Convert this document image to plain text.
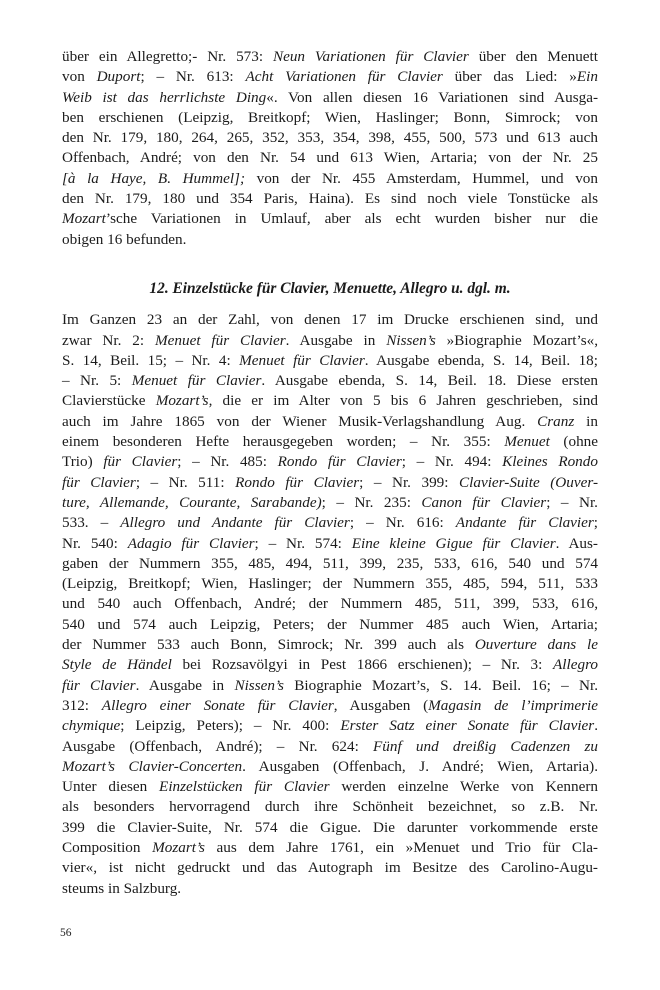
über ein Allegretto;- Nr. 573: Neun Variationen für Clavier über den Menuett
von Duport; – Nr. 613: Acht Variationen für Clavier über das Lied: »Ein
Weib ist das herrlichste Ding«. Von allen diesen 16 Variationen sind Ausga-
ben erschienen (Leipzig, Breitkopf; Wien, Haslinger; Bonn, Simrock; von
den Nr. 179, 180, 264, 265, 352, 353, 354, 398, 455, 500, 573 und 613 auch
Offenbach, André; von den Nr. 54 und 613 Wien, Artaria; von der Nr. 25
[à la Haye, B. Hummel]; von der Nr. 455 Amsterdam, Hummel, und von
den Nr. 179, 180 und 354 Paris, Haina). Es sind noch viele Tonstücke als
Mozart’sche Variationen in Umlauf, aber als echt wurden bisher nur die
obigen 16 befunden.
12. Einzelstücke für Clavier, Menuette, Allegro u. dgl. m.
Im Ganzen 23 an der Zahl, von denen 17 im Drucke erschienen sind, und
zwar Nr. 2: Menuet für Clavier. Ausgabe in Nissen’s »Biographie Mozart’s«,
S. 14, Beil. 15; – Nr. 4: Menuet für Clavier. Ausgabe ebenda, S. 14, Beil. 18;
– Nr. 5: Menuet für Clavier. Ausgabe ebenda, S. 14, Beil. 18. Diese ersten
Clavierstücke Mozart’s, die er im Alter von 5 bis 6 Jahren geschrieben, sind
auch im Jahre 1865 von der Wiener Musik-Verlagshandlung Aug. Cranz in
einem besonderen Hefte herausgegeben worden; – Nr. 355: Menuet (ohne
Trio) für Clavier; – Nr. 485: Rondo für Clavier; – Nr. 494: Kleines Rondo
für Clavier; – Nr. 511: Rondo für Clavier; – Nr. 399: Clavier-Suite (Ouver-
ture, Allemande, Courante, Sarabande); – Nr. 235: Canon für Clavier; – Nr.
533. – Allegro und Andante für Clavier; – Nr. 616: Andante für Clavier;
Nr. 540: Adagio für Clavier; – Nr. 574: Eine kleine Gigue für Clavier. Aus-
gaben der Nummern 355, 485, 494, 511, 399, 235, 533, 616, 540 und 574
(Leipzig, Breitkopf; Wien, Haslinger; der Nummern 355, 485, 594, 511, 533
und 540 auch Offenbach, André; der Nummern 485, 511, 399, 533, 616,
540 und 574 auch Leipzig, Peters; der Nummer 485 auch Wien, Artaria;
der Nummer 533 auch Bonn, Simrock; Nr. 399 auch als Ouverture dans le
Style de Händel bei Rozsavölgyi in Pest 1866 erschienen); – Nr. 3: Allegro
für Clavier. Ausgabe in Nissen’s Biographie Mozart’s, S. 14. Beil. 16; – Nr.
312: Allegro einer Sonate für Clavier, Ausgaben (Magasin de l’imprimerie
chymique; Leipzig, Peters); – Nr. 400: Erster Satz einer Sonate für Clavier.
Ausgabe (Offenbach, André); – Nr. 624: Fünf und dreißig Cadenzen zu
Mozart’s Clavier-Concerten. Ausgaben (Offenbach, J. André; Wien, Artaria).
Unter diesen Einzelstücken für Clavier werden einzelne Werke von Kennern
als besonders hervorragend durch ihre Schönheit bezeichnet, so z.B. Nr.
399 die Clavier-Suite, Nr. 574 die Gigue. Die darunter vorkommende erste
Composition Mozart’s aus dem Jahre 1761, ein »Menuet und Trio für Cla-
vier«, ist nicht gedruckt und das Autograph im Besitze des Carolino-Augu-
steums in Salzburg.
56
